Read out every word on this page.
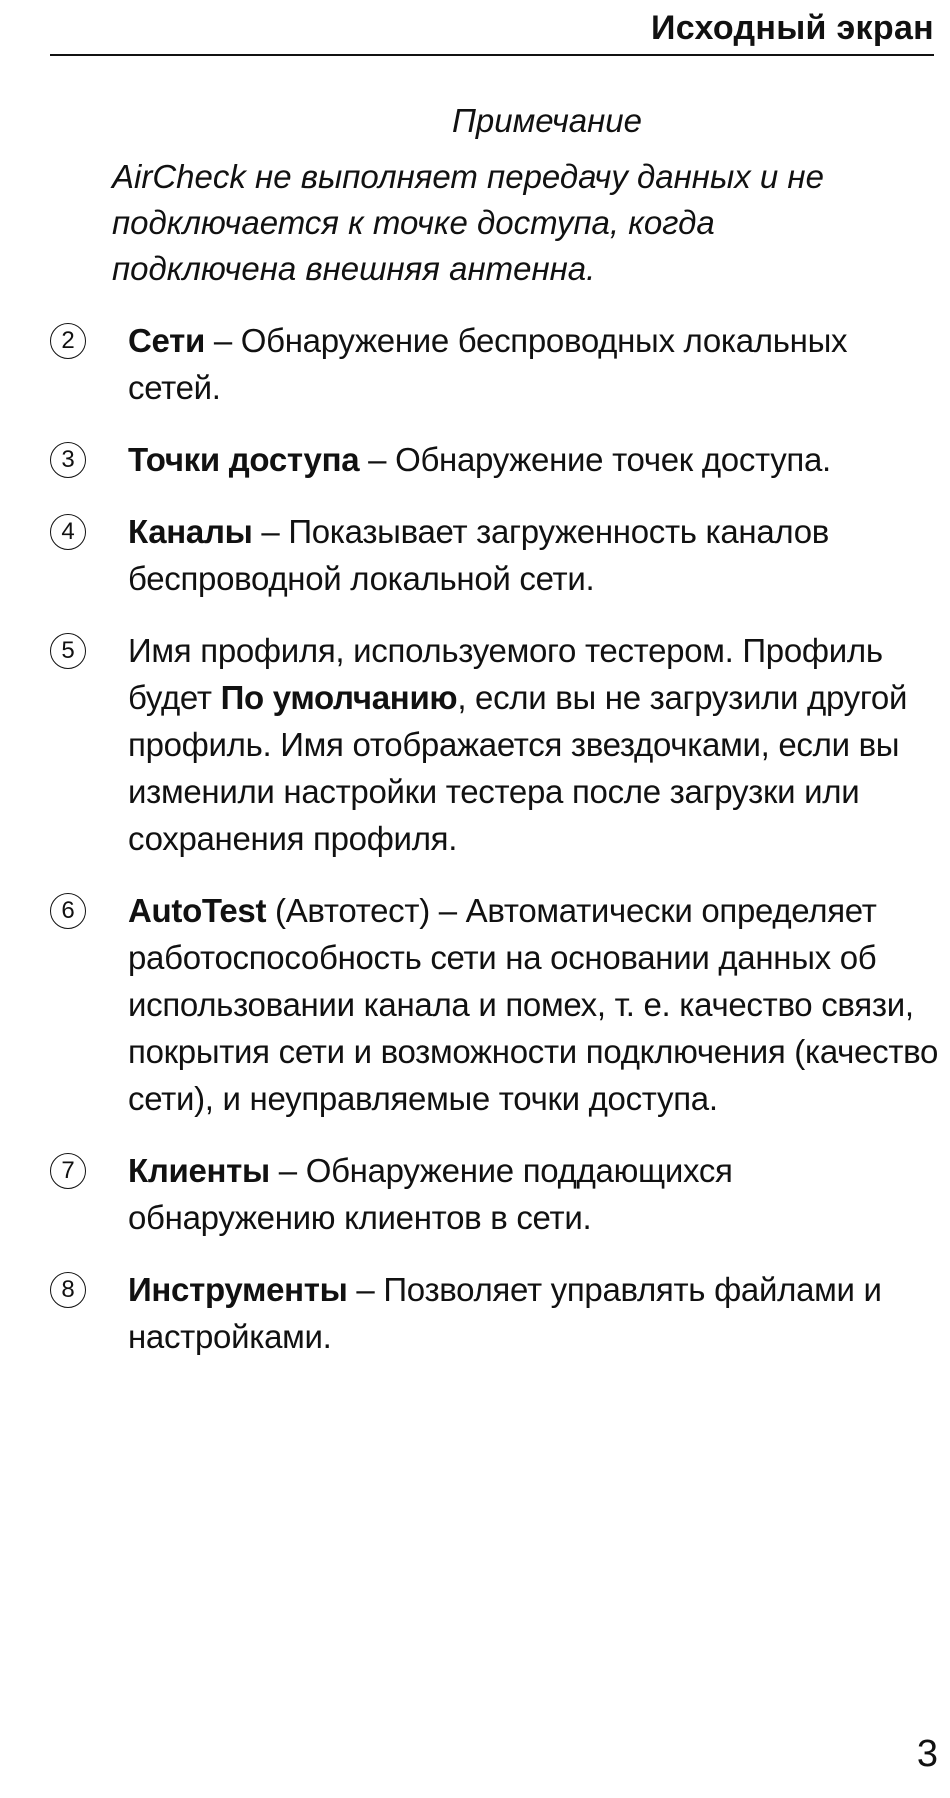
Исходный экран
Примечание
AirCheck не выполняет передачу данных и не подключается к точке доступа, когда подключена внешняя антенна.
2	Сети – Обнаружение беспроводных локальных сетей.
3	Точки доступа – Обнаружение точек доступа.
4	Каналы – Показывает загруженность каналов беспроводной локальной сети.
5	Имя профиля, используемого тестером. Профиль будет По умолчанию, если вы не загрузили другой профиль. Имя отображается звездочками, если вы изменили настройки тестера после загрузки или сохранения профиля.
6	AutoTest (Автотест) – Автоматически определяет работоспособность сети на основании данных об использовании канала и помех, т. е. качество связи, покрытия сети и возможности подключения (качество сети), и неуправляемые точки доступа.
7	Клиенты – Обнаружение поддающихся обнаружению клиентов в сети.
8	Инструменты – Позволяет управлять файлами и настройками.
3
